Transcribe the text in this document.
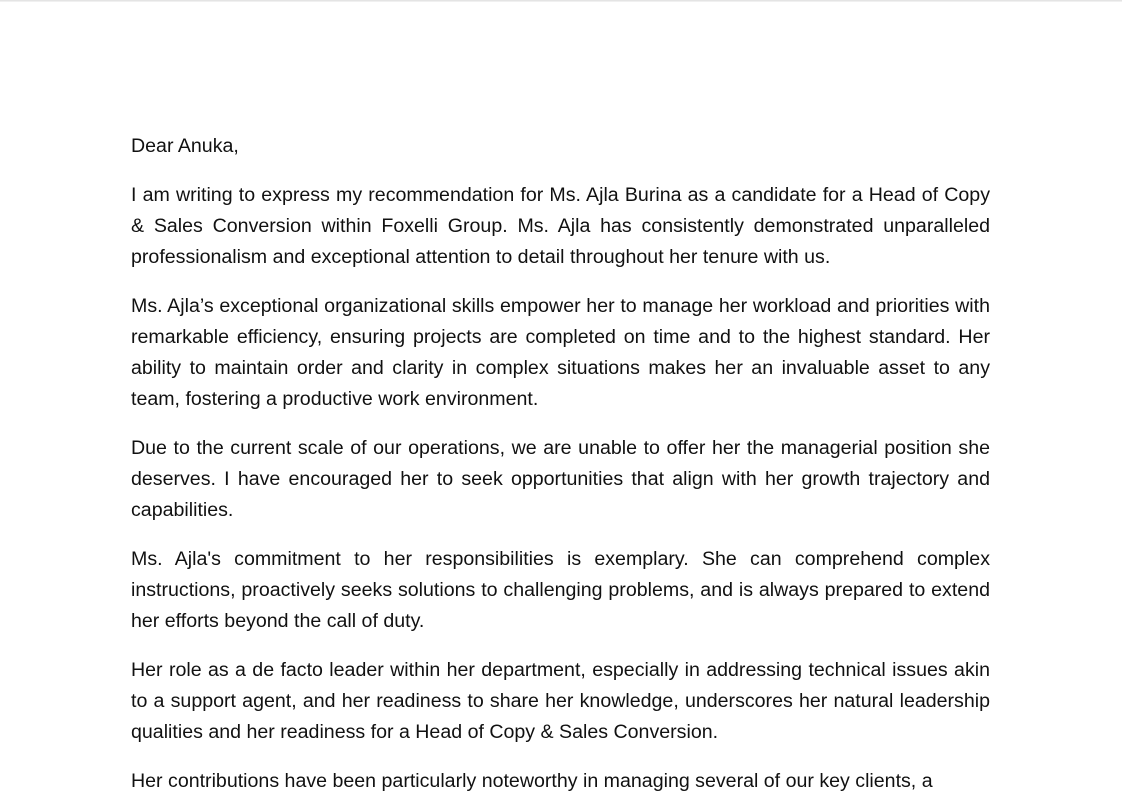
Dear Anuka,

I am writing to express my recommendation for Ms. Ajla Burina as a candidate for a Head of Copy & Sales Conversion within Foxelli Group. Ms. Ajla has consistently demonstrated unparalleled professionalism and exceptional attention to detail throughout her tenure with us.

Ms. Ajla’s exceptional organizational skills empower her to manage her workload and priorities with remarkable efficiency, ensuring projects are completed on time and to the highest standard. Her ability to maintain order and clarity in complex situations makes her an invaluable asset to any team, fostering a productive work environment.

Due to the current scale of our operations, we are unable to offer her the managerial position she deserves. I have encouraged her to seek opportunities that align with her growth trajectory and capabilities.

Ms. Ajla's commitment to her responsibilities is exemplary. She can comprehend complex instructions, proactively seeks solutions to challenging problems, and is always prepared to extend her efforts beyond the call of duty.

Her role as a de facto leader within her department, especially in addressing technical issues akin to a support agent, and her readiness to share her knowledge, underscores her natural leadership qualities and her readiness for a Head of Copy & Sales Conversion.

Her contributions have been particularly noteworthy in managing several of our key clients, a
